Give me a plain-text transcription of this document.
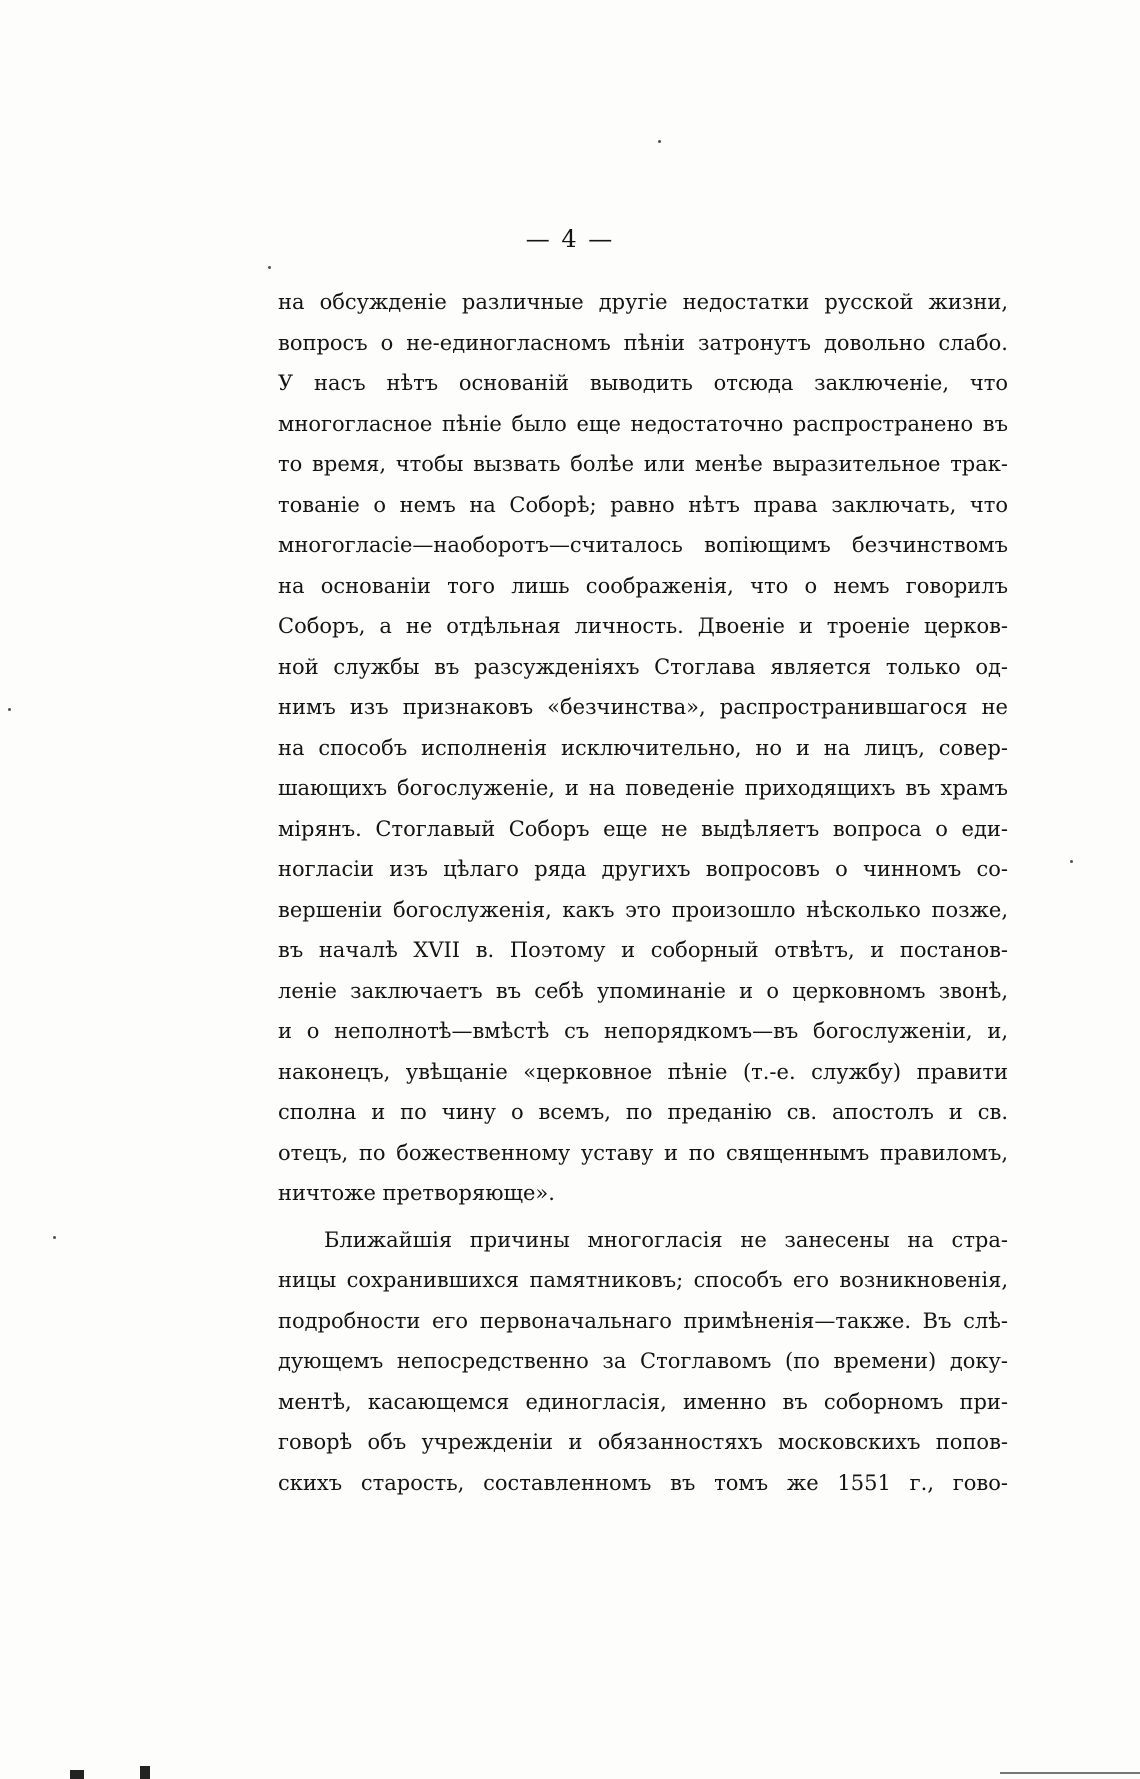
— 4 —
на обсужденіе различные другіе недостатки русской жизни,
вопросъ о не-единогласномъ пѣніи затронутъ довольно слабо.
У насъ нѣтъ основаній выводить отсюда заключеніе, что
многогласное пѣніе было еще недостаточно распространено въ
то время, чтобы вызвать болѣе или менѣе выразительное трак-
тованіе о немъ на Соборѣ; равно нѣтъ права заключать, что
многогласіе—наоборотъ—считалось вопіющимъ безчинствомъ
на основаніи того лишь соображенія, что о немъ говорилъ
Соборъ, а не отдѣльная личность. Двоеніе и троеніе церков-
ной службы въ разсужденіяхъ Стоглава является только од-
нимъ изъ признаковъ «безчинства», распространившагося не
на способъ исполненія исключительно, но и на лицъ, совер-
шающихъ богослуженіе, и на поведеніе приходящихъ въ храмъ
мірянъ. Стоглавый Соборъ еще не выдѣляетъ вопроса о еди-
ногласіи изъ цѣлаго ряда другихъ вопросовъ о чинномъ со-
вершеніи богослуженія, какъ это произошло нѣсколько позже,
въ началѣ XVII в. Поэтому и соборный отвѣтъ, и постанов-
леніе заключаетъ въ себѣ упоминаніе и о церковномъ звонѣ,
и о неполнотѣ—вмѣстѣ съ непорядкомъ—въ богослуженіи, и,
наконецъ, увѣщаніе «церковное пѣніе (т.-е. службу) правити
сполна и по чину о всемъ, по преданію св. апостолъ и св.
отецъ, по божественному уставу и по священнымъ правиломъ,
ничтоже претворяюще».
Ближайшія причины многогласія не занесены на стра-
ницы сохранившихся памятниковъ; способъ его возникновенія,
подробности его первоначальнаго примѣненія—также. Въ слѣ-
дующемъ непосредственно за Стоглавомъ (по времени) доку-
ментѣ, касающемся единогласія, именно въ соборномъ при-
говорѣ объ учрежденіи и обязанностяхъ московскихъ попов-
скихъ старость, составленномъ въ томъ же 1551 г., гово-
